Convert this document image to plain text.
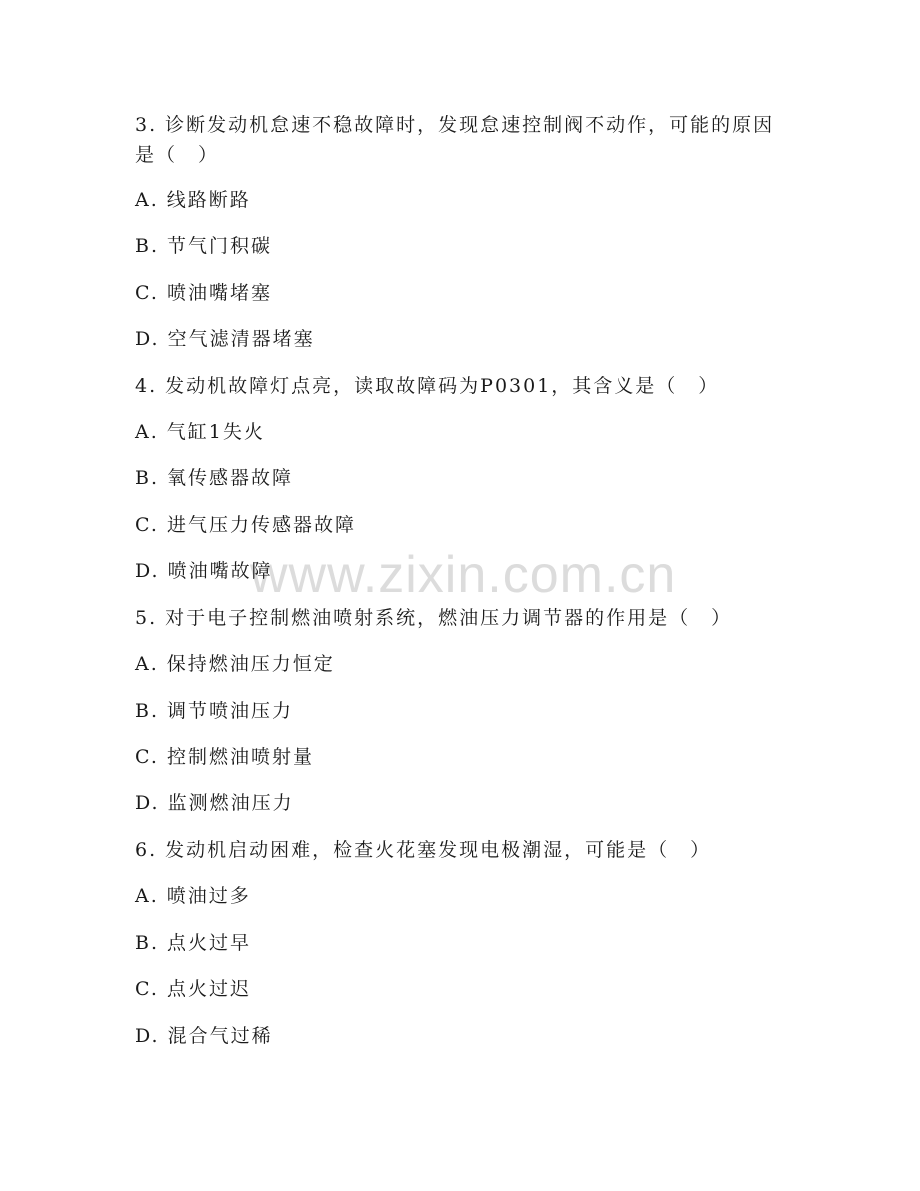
www.zixin.com.cn
3. 诊断发动机怠速不稳故障时，发现怠速控制阀不动作，可能的原因是（　）
A. 线路断路
B. 节气门积碳
C. 喷油嘴堵塞
D. 空气滤清器堵塞
4. 发动机故障灯点亮，读取故障码为P0301，其含义是（　）
A. 气缸1失火
B. 氧传感器故障
C. 进气压力传感器故障
D. 喷油嘴故障
5. 对于电子控制燃油喷射系统，燃油压力调节器的作用是（　）
A. 保持燃油压力恒定
B. 调节喷油压力
C. 控制燃油喷射量
D. 监测燃油压力
6. 发动机启动困难，检查火花塞发现电极潮湿，可能是（　）
A. 喷油过多
B. 点火过早
C. 点火过迟
D. 混合气过稀
